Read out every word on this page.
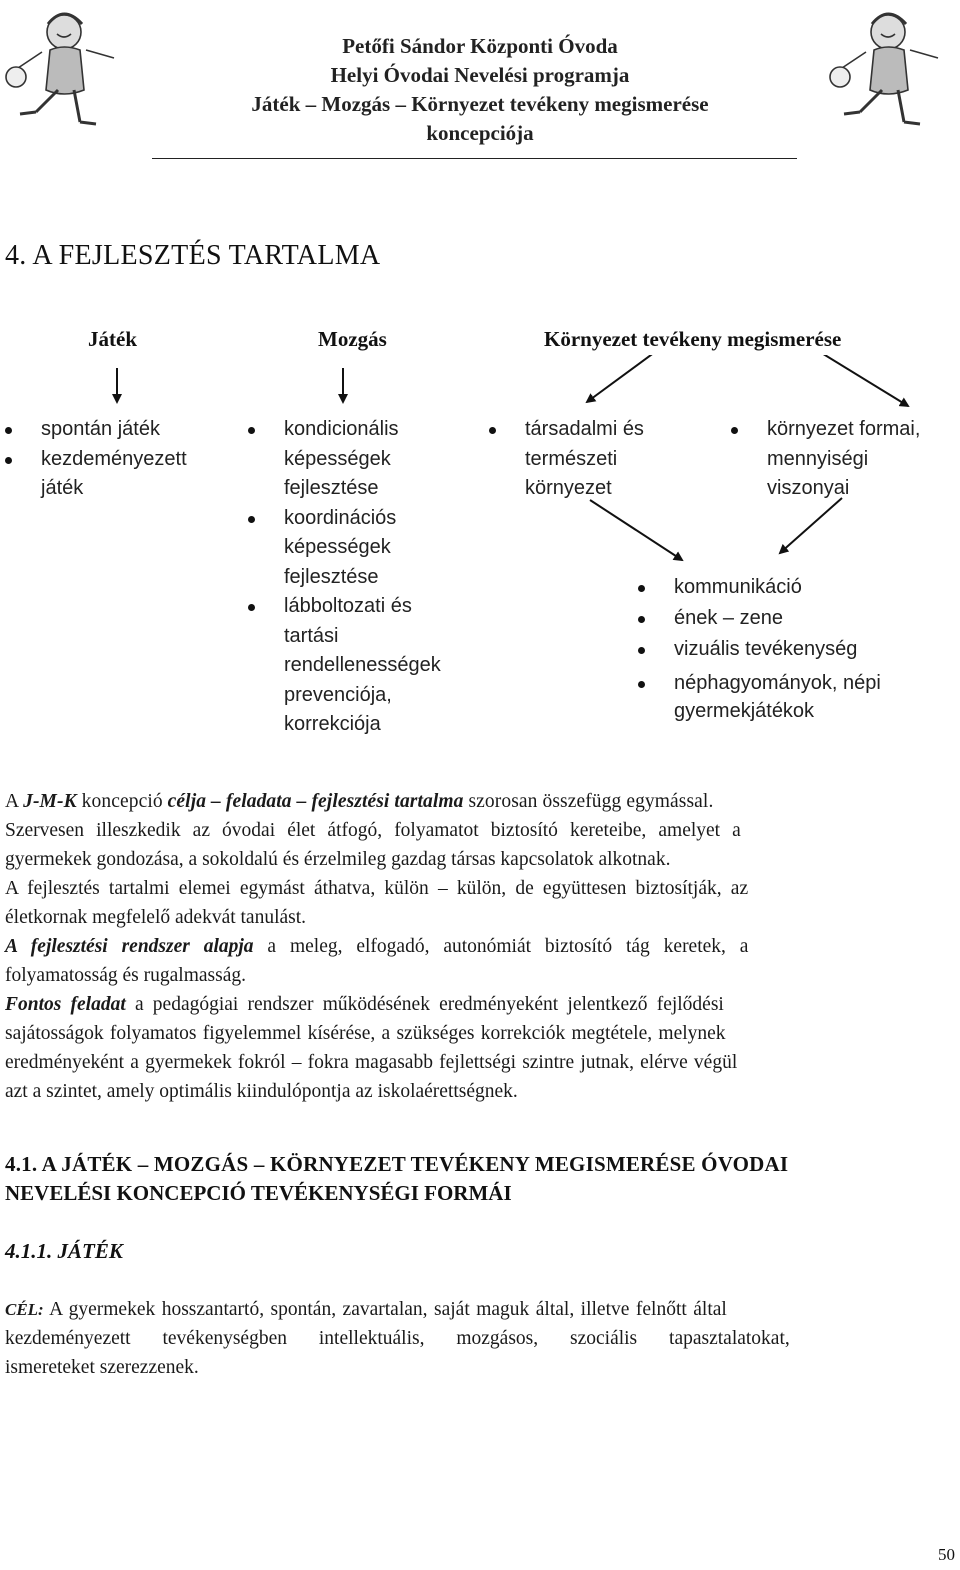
Petőfi Sándor Központi Óvoda
Helyi Óvodai Nevelési programja
Játék – Mozgás – Környezet tevékeny megismerése
koncepciója
4. A FEJLESZTÉS TARTALMA
Játék	Mozgás	Környezet tevékeny megismerése
spontán játék
kezdeményezett
játék
kondicionális
képességek
fejlesztése
koordinációs
képességek
fejlesztése
lábboltozati és
tartási
rendellenességek
prevenciója,
korrekciója
társadalmi és
természeti
környezet
környezet formai,
mennyiségi
viszonyai
kommunikáció
ének – zene
vizuális tevékenység
néphagyományok, népi
gyermekjátékok
A J-M-K koncepció célja – feladata – fejlesztési tartalma szorosan összefügg egymással.
Szervesen illeszkedik az óvodai élet átfogó, folyamatot biztosító kereteibe, amelyet a
gyermekek gondozása, a sokoldalú és érzelmileg gazdag társas kapcsolatok alkotnak.
A fejlesztés tartalmi elemei egymást áthatva, külön – külön, de együttesen biztosítják, az
életkornak megfelelő adekvát tanulást.
A fejlesztési rendszer alapja a meleg, elfogadó, autonómiát biztosító tág keretek, a
folyamatosság és rugalmasság.
Fontos feladat a pedagógiai rendszer működésének eredményeként jelentkező fejlődési
sajátosságok folyamatos figyelemmel kísérése, a szükséges korrekciók megtétele, melynek
eredményeként a gyermekek fokról – fokra magasabb fejlettségi szintre jutnak, elérve végül
azt a szintet, amely optimális kiindulópontja az iskolaérettségnek.
4.1. A JÁTÉK – MOZGÁS – KÖRNYEZET TEVÉKENY MEGISMERÉSE ÓVODAI
NEVELÉSI KONCEPCIÓ TEVÉKENYSÉGI FORMÁI
4.1.1. JÁTÉK
CÉL: A gyermekek hosszantartó, spontán, zavartalan, saját maguk által, illetve felnőtt által
kezdeményezett tevékenységben intellektuális, mozgásos, szociális tapasztalatokat,
ismereteket szerezzenek.
50
